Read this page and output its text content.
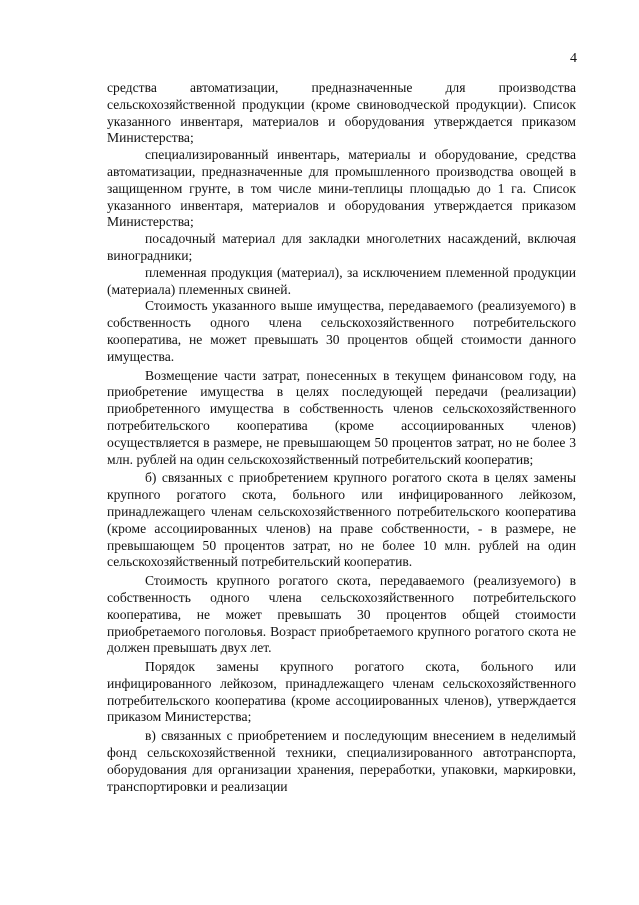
4

средства автоматизации, предназначенные для производства сельскохозяйственной продукции (кроме свиноводческой продукции). Список указанного инвентаря, материалов и оборудования утверждается приказом Министерства;

специализированный инвентарь, материалы и оборудование, средства автоматизации, предназначенные для промышленного производства овощей в защищенном грунте, в том числе мини-теплицы площадью до 1 га. Список указанного инвентаря, материалов и оборудования утверждается приказом Министерства;

посадочный материал для закладки многолетних насаждений, включая виноградники;

племенная продукция (материал), за исключением племенной продукции (материала) племенных свиней.

Стоимость указанного выше имущества, передаваемого (реализуемого) в собственность одного члена сельскохозяйственного потребительского кооператива, не может превышать 30 процентов общей стоимости данного имущества.

Возмещение части затрат, понесенных в текущем финансовом году, на приобретение имущества в целях последующей передачи (реализации) приобретенного имущества в собственность членов сельскохозяйственного потребительского кооператива (кроме ассоциированных членов) осуществляется в размере, не превышающем 50 процентов затрат, но не более 3 млн. рублей на один сельскохозяйственный потребительский кооператив;

б) связанных с приобретением крупного рогатого скота в целях замены крупного рогатого скота, больного или инфицированного лейкозом, принадлежащего членам сельскохозяйственного потребительского кооператива (кроме ассоциированных членов) на праве собственности, - в размере, не превышающем 50 процентов затрат, но не более 10 млн. рублей на один сельскохозяйственный потребительский кооператив.

Стоимость крупного рогатого скота, передаваемого (реализуемого) в собственность одного члена сельскохозяйственного потребительского кооператива, не может превышать 30 процентов общей стоимости приобретаемого поголовья. Возраст приобретаемого крупного рогатого скота не должен превышать двух лет.

Порядок замены крупного рогатого скота, больного или инфицированного лейкозом, принадлежащего членам сельскохозяйственного потребительского кооператива (кроме ассоциированных членов), утверждается приказом Министерства;

в) связанных с приобретением и последующим внесением в неделимый фонд сельскохозяйственной техники, специализированного автотранспорта, оборудования для организации хранения, переработки, упаковки, маркировки, транспортировки и реализации
